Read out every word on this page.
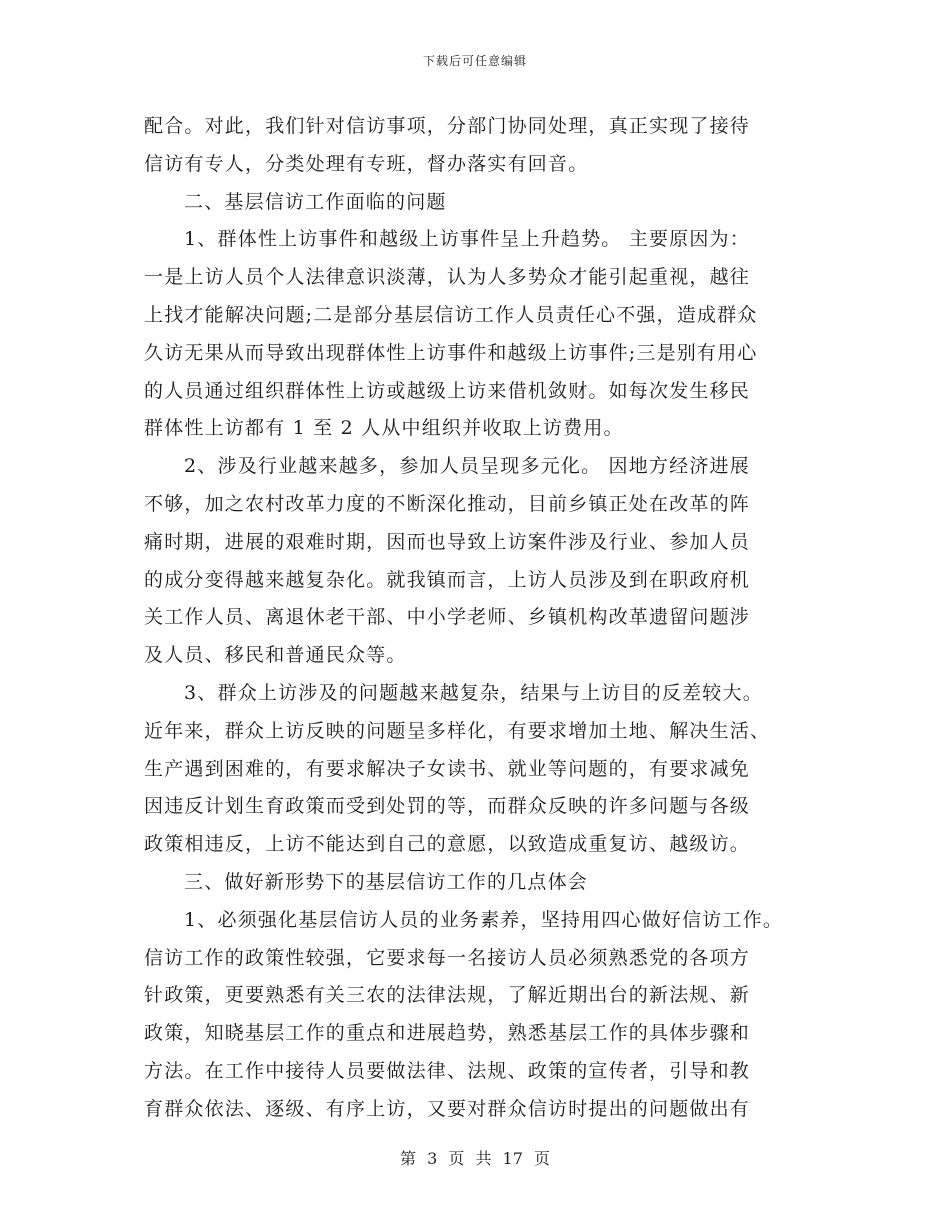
下载后可任意编辑
配合。对此，我们针对信访事项，分部门协同处理，真正实现了接待
信访有专人，分类处理有专班，督办落实有回音。
二、基层信访工作面临的问题
1、群体性上访事件和越级上访事件呈上升趋势。 主要原因为：
一是上访人员个人法律意识淡薄，认为人多势众才能引起重视，越往
上找才能解决问题;二是部分基层信访工作人员责任心不强，造成群众
久访无果从而导致出现群体性上访事件和越级上访事件;三是别有用心
的人员通过组织群体性上访或越级上访来借机敛财。如每次发生移民
群体性上访都有 1 至 2 人从中组织并收取上访费用。
2、涉及行业越来越多，参加人员呈现多元化。 因地方经济进展
不够，加之农村改革力度的不断深化推动，目前乡镇正处在改革的阵
痛时期，进展的艰难时期，因而也导致上访案件涉及行业、参加人员
的成分变得越来越复杂化。就我镇而言，上访人员涉及到在职政府机
关工作人员、离退休老干部、中小学老师、乡镇机构改革遗留问题涉
及人员、移民和普通民众等。
3、群众上访涉及的问题越来越复杂，结果与上访目的反差较大。
近年来，群众上访反映的问题呈多样化，有要求增加土地、解决生活、
生产遇到困难的，有要求解决子女读书、就业等问题的，有要求减免
因违反计划生育政策而受到处罚的等，而群众反映的许多问题与各级
政策相违反，上访不能达到自己的意愿，以致造成重复访、越级访。
三、做好新形势下的基层信访工作的几点体会
1、必须强化基层信访人员的业务素养，坚持用四心做好信访工作。
信访工作的政策性较强，它要求每一名接访人员必须熟悉党的各项方
针政策，更要熟悉有关三农的法律法规，了解近期出台的新法规、新
政策，知晓基层工作的重点和进展趋势，熟悉基层工作的具体步骤和
方法。在工作中接待人员要做法律、法规、政策的宣传者，引导和教
育群众依法、逐级、有序上访，又要对群众信访时提出的问题做出有
第 3 页 共 17 页
